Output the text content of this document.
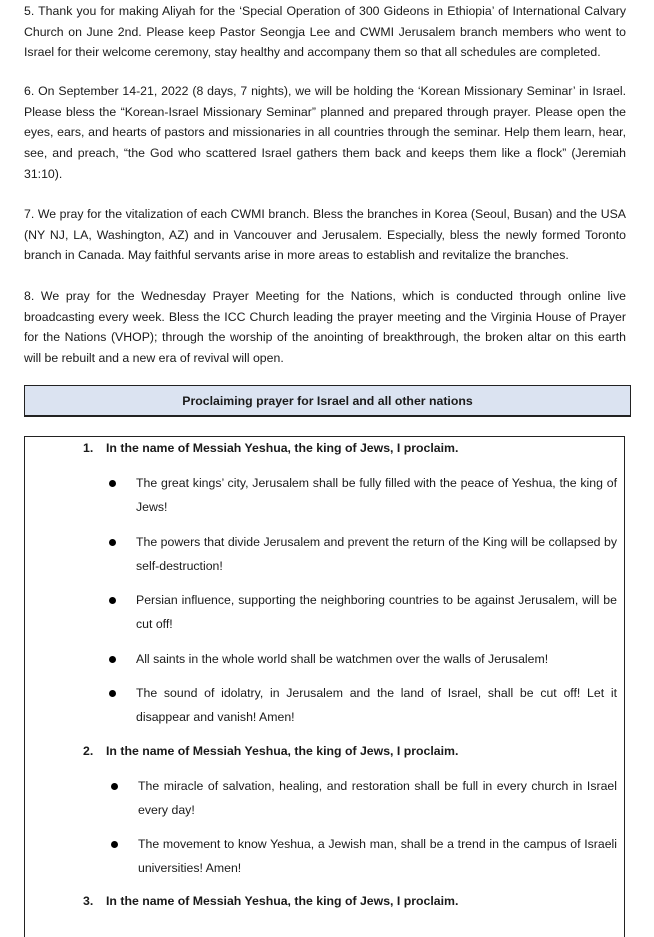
5. Thank you for making Aliyah for the ‘Special Operation of 300 Gideons in Ethiopia’ of International Calvary Church on June 2nd. Please keep Pastor Seongja Lee and CWMI Jerusalem branch members who went to Israel for their welcome ceremony, stay healthy and accompany them so that all schedules are completed.

6. On September 14-21, 2022 (8 days, 7 nights), we will be holding the ‘Korean Missionary Seminar’ in Israel. Please bless the “Korean-Israel Missionary Seminar” planned and prepared through prayer. Please open the eyes, ears, and hearts of pastors and missionaries in all countries through the seminar. Help them learn, hear, see, and preach, “the God who scattered Israel gathers them back and keeps them like a flock” (Jeremiah 31:10).

7. We pray for the vitalization of each CWMI branch. Bless the branches in Korea (Seoul, Busan) and the USA (NY NJ, LA, Washington, AZ) and in Vancouver and Jerusalem. Especially, bless the newly formed Toronto branch in Canada. May faithful servants arise in more areas to establish and revitalize the branches.

8. We pray for the Wednesday Prayer Meeting for the Nations, which is conducted through online live broadcasting every week. Bless the ICC Church leading the prayer meeting and the Virginia House of Prayer for the Nations (VHOP); through the worship of the anointing of breakthrough, the broken altar on this earth will be rebuilt and a new era of revival will open.

Proclaiming prayer for Israel and all other nations
1. In the name of Messiah Yeshua, the king of Jews, I proclaim.
The great kings’ city, Jerusalem shall be fully filled with the peace of Yeshua, the king of Jews!
The powers that divide Jerusalem and prevent the return of the King will be collapsed by self-destruction!
Persian influence, supporting the neighboring countries to be against Jerusalem, will be cut off!
All saints in the whole world shall be watchmen over the walls of Jerusalem!
The sound of idolatry, in Jerusalem and the land of Israel, shall be cut off! Let it disappear and vanish! Amen!
2. In the name of Messiah Yeshua, the king of Jews, I proclaim.
The miracle of salvation, healing, and restoration shall be full in every church in Israel every day!
The movement to know Yeshua, a Jewish man, shall be a trend in the campus of Israeli universities! Amen!
3. In the name of Messiah Yeshua, the king of Jews, I proclaim.
